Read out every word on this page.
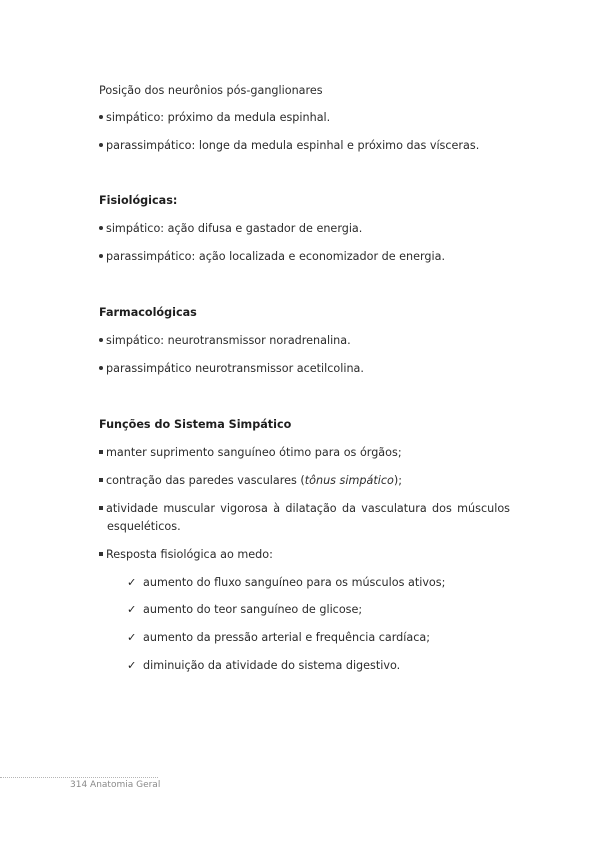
Posição dos neurônios pós-ganglionares
simpático: próximo da medula espinhal.
parassimpático: longe da medula espinhal e próximo das vísceras.
Fisiológicas:
simpático: ação difusa e gastador de energia.
parassimpático: ação localizada e economizador de energia.
Farmacológicas
simpático: neurotransmissor noradrenalina.
parassimpático neurotransmissor acetilcolina.
Funções do Sistema Simpático
manter suprimento sanguíneo ótimo para os órgãos;
contração das paredes vasculares (tônus simpático);
atividade muscular vigorosa à dilatação da vasculatura dos músculos
esqueléticos.
Resposta fisiológica ao medo:
✓ aumento do fluxo sanguíneo para os músculos ativos;
✓ aumento do teor sanguíneo de glicose;
✓ aumento da pressão arterial e frequência cardíaca;
✓ diminuição da atividade do sistema digestivo.
314 Anatomia Geral
